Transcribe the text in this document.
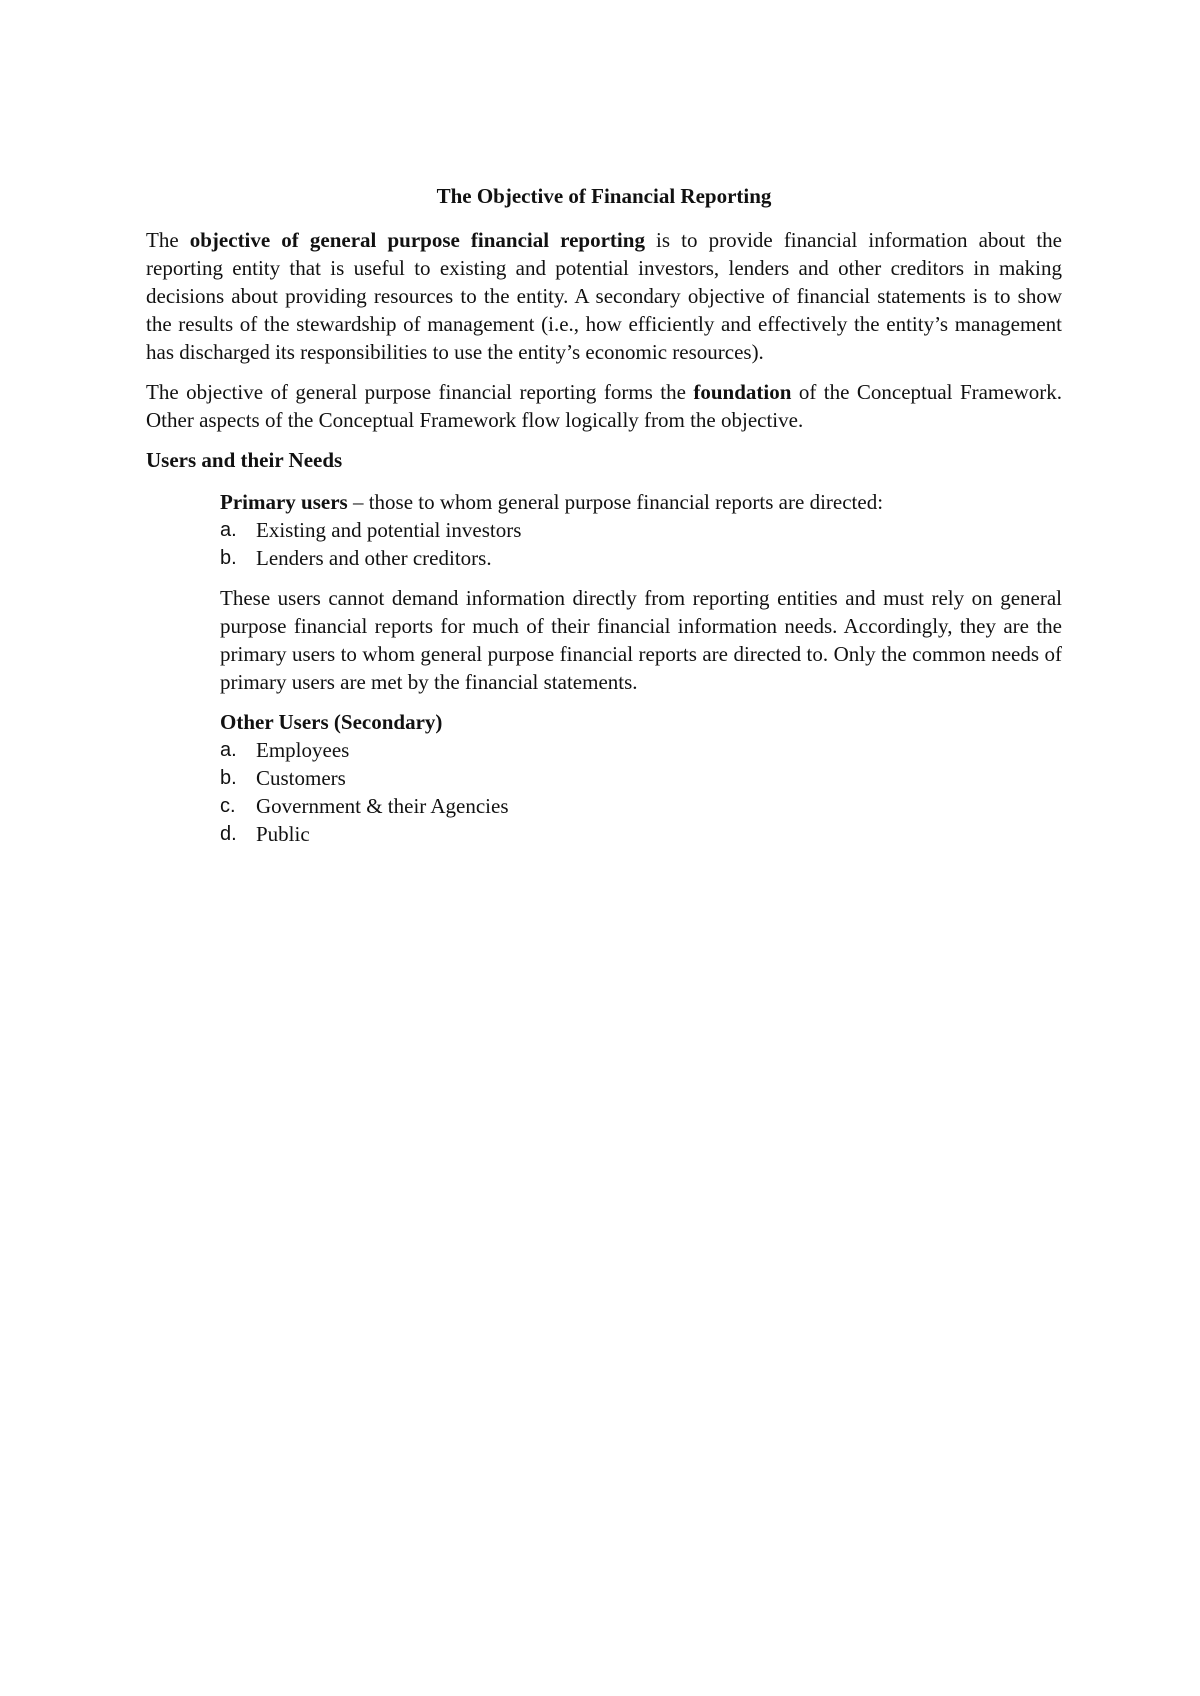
The Objective of Financial Reporting

The objective of general purpose financial reporting is to provide financial information about the reporting entity that is useful to existing and potential investors, lenders and other creditors in making decisions about providing resources to the entity. A secondary objective of financial statements is to show the results of the stewardship of management (i.e., how efficiently and effectively the entity’s management has discharged its responsibilities to use the entity’s economic resources).

The objective of general purpose financial reporting forms the foundation of the Conceptual Framework. Other aspects of the Conceptual Framework flow logically from the objective.

Users and their Needs
Primary users – those to whom general purpose financial reports are directed:
a. Existing and potential investors
b. Lenders and other creditors.

These users cannot demand information directly from reporting entities and must rely on general purpose financial reports for much of their financial information needs. Accordingly, they are the primary users to whom general purpose financial reports are directed to. Only the common needs of primary users are met by the financial statements.

Other Users (Secondary)
a. Employees
b. Customers
c. Government & their Agencies
d. Public
